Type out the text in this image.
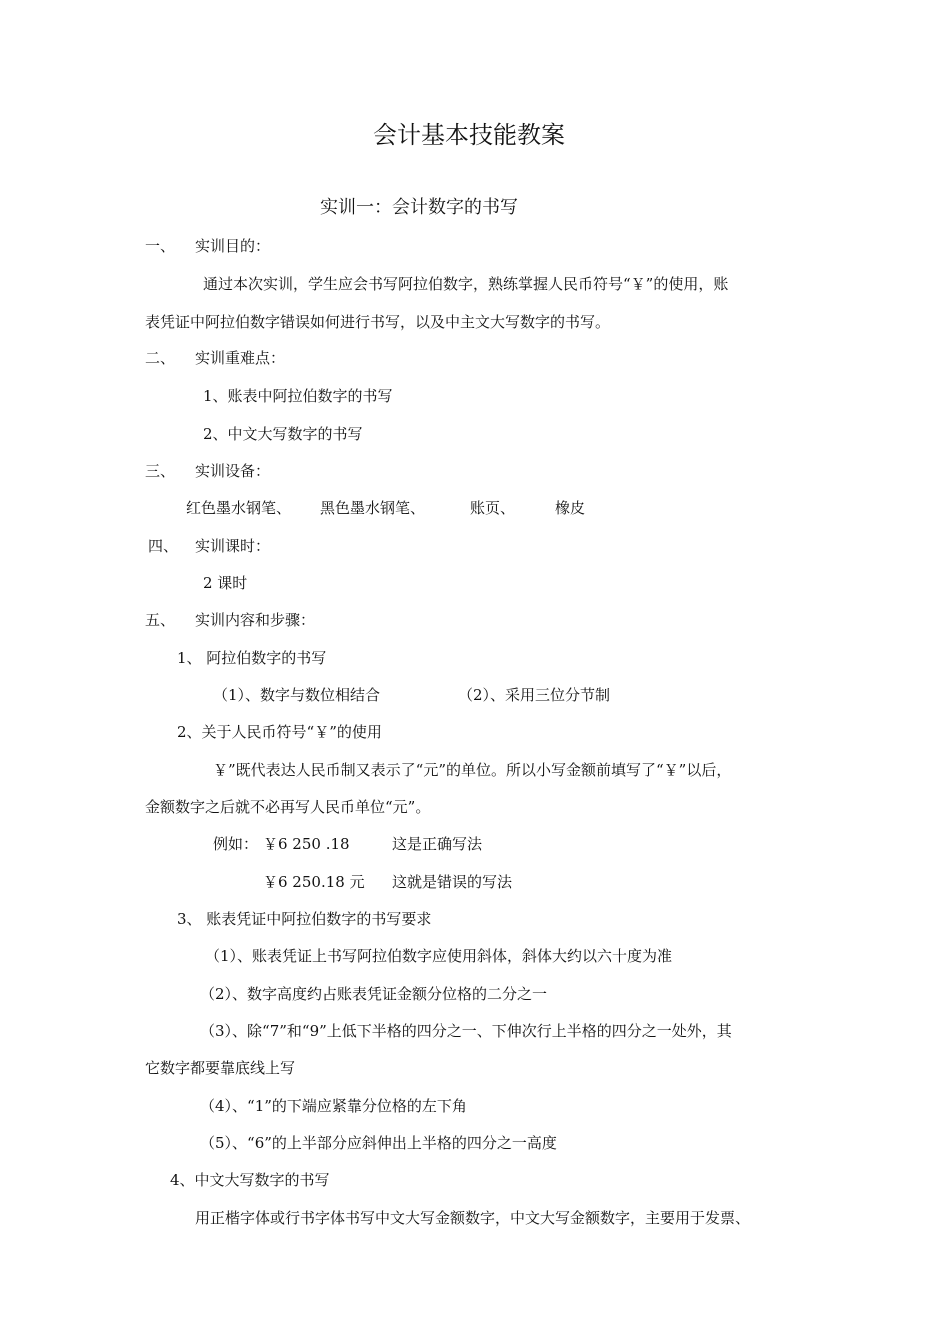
会计基本技能教案
实训一：会计数字的书写
一、 实训目的：
通过本次实训，学生应会书写阿拉伯数字，熟练掌握人民币符号“￥”的使用，账
表凭证中阿拉伯数字错误如何进行书写，以及中主文大写数字的书写。
二、 实训重难点：
1、账表中阿拉伯数字的书写
2、中文大写数字的书写
三、 实训设备：
红色墨水钢笔、 黑色墨水钢笔、	账页、	橡皮
四、 实训课时：
2 课时
五、 实训内容和步骤：
1、 阿拉伯数字的书写
（1）、数字与数位相结合	（2）、采用三位分节制
2、关于人民币符号“￥”的使用
￥”既代表达人民币制又表示了“元”的单位。所以小写金额前填写了“￥”以后，
金额数字之后就不必再写人民币单位“元”。
例如： ￥6 250 .18	这是正确写法
￥6 250.18 元 这就是错误的写法
3、 账表凭证中阿拉伯数字的书写要求
（1）、账表凭证上书写阿拉伯数字应使用斜体，斜体大约以六十度为准
（2）、数字高度约占账表凭证金额分位格的二分之一
（3）、除“7”和“9”上低下半格的四分之一、下伸次行上半格的四分之一处外，其
它数字都要靠底线上写
（4）、“1”的下端应紧靠分位格的左下角
（5）、“6”的上半部分应斜伸出上半格的四分之一高度
4、中文大写数字的书写
用正楷字体或行书字体书写中文大写金额数字，中文大写金额数字，主要用于发票、
